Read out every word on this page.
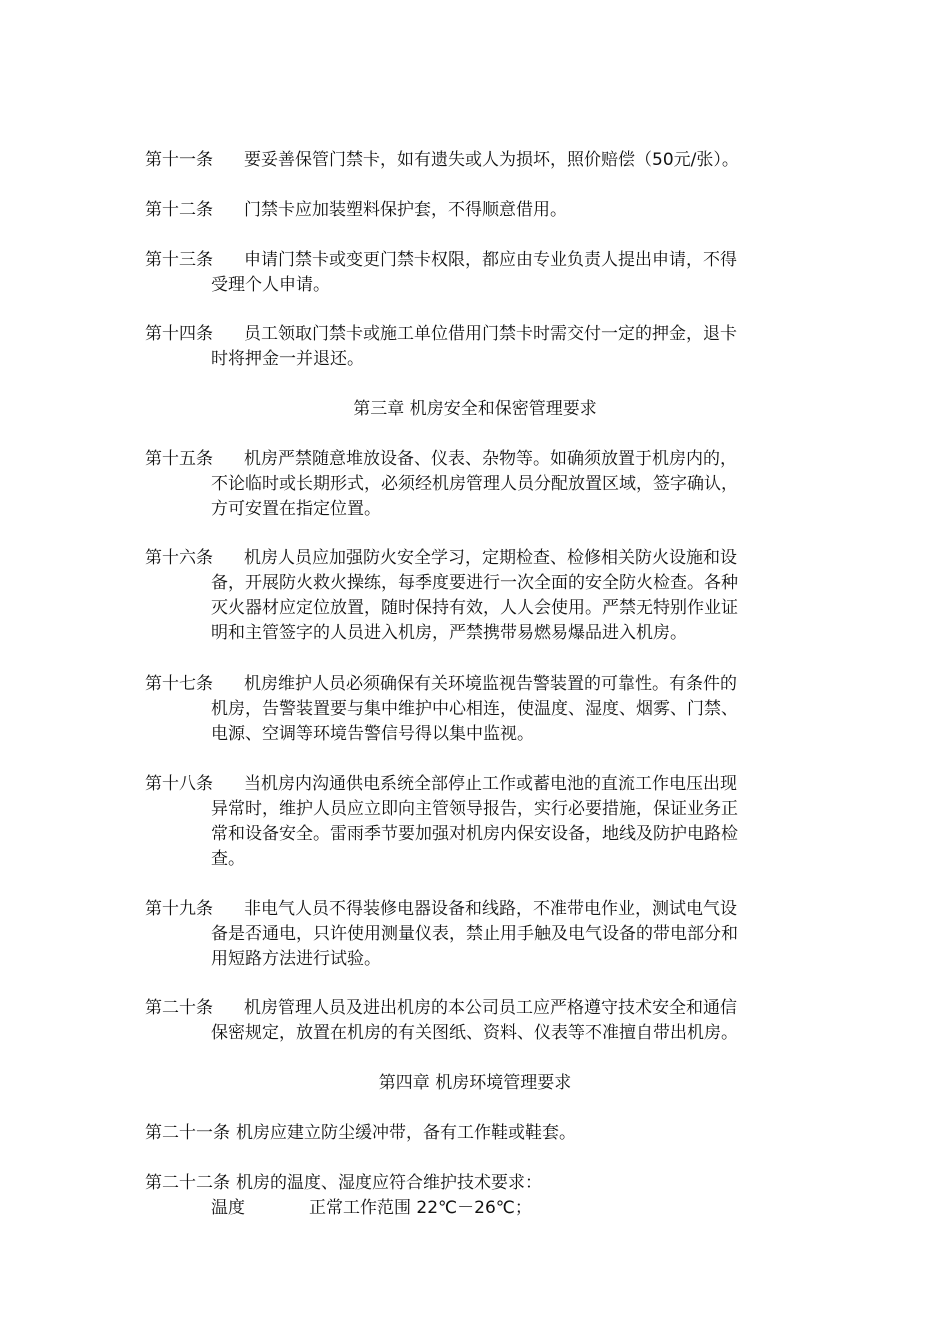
第十一条 要妥善保管门禁卡，如有遗失或人为损坏，照价赔偿（50元/张）。
第十二条 门禁卡应加装塑料保护套，不得顺意借用。
第十三条 申请门禁卡或变更门禁卡权限，都应由专业负责人提出申请，不得
受理个人申请。
第十四条 员工领取门禁卡或施工单位借用门禁卡时需交付一定的押金，退卡
时将押金一并退还。
第三章 机房安全和保密管理要求
第十五条 机房严禁随意堆放设备、仪表、杂物等。如确须放置于机房内的，
不论临时或长期形式，必须经机房管理人员分配放置区域，签字确认，
方可安置在指定位置。
第十六条 机房人员应加强防火安全学习，定期检查、检修相关防火设施和设
备，开展防火救火操练，每季度要进行一次全面的安全防火检查。各种
灭火器材应定位放置，随时保持有效，人人会使用。严禁无特别作业证
明和主管签字的人员进入机房，严禁携带易燃易爆品进入机房。
第十七条 机房维护人员必须确保有关环境监视告警装置的可靠性。有条件的
机房，告警装置要与集中维护中心相连，使温度、湿度、烟雾、门禁、
电源、空调等环境告警信号得以集中监视。
第十八条 当机房内沟通供电系统全部停止工作或蓄电池的直流工作电压出现
异常时，维护人员应立即向主管领导报告，实行必要措施，保证业务正
常和设备安全。雷雨季节要加强对机房内保安设备，地线及防护电路检
查。
第十九条 非电气人员不得装修电器设备和线路，不准带电作业，测试电气设
备是否通电，只许使用测量仪表，禁止用手触及电气设备的带电部分和
用短路方法进行试验。
第二十条 机房管理人员及进出机房的本公司员工应严格遵守技术安全和通信
保密规定，放置在机房的有关图纸、资料、仪表等不准擅自带出机房。
第四章 机房环境管理要求
第二十一条 机房应建立防尘缓冲带，备有工作鞋或鞋套。
第二十二条 机房的温度、湿度应符合维护技术要求：
温度	正常工作范围 22℃－26℃；
